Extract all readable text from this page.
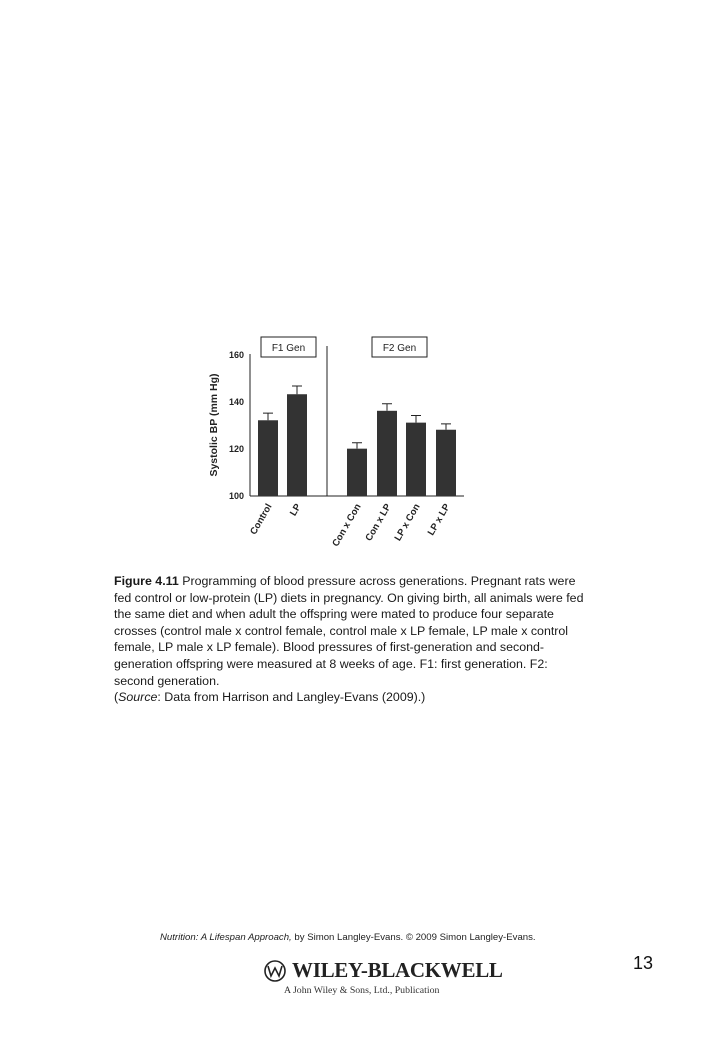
Systolic BP (mm Hg)
100
120
140
160
F1 Gen	F2 Gen
Control LP	Con x Con Con x LP
LP x Con LP x LP
Figure 4.11 Programming of blood pressure across generations. Pregnant rats were fed control or low-protein (LP) diets in pregnancy. On giving birth, all animals were fed the same diet and when adult the offspring were mated to produce four separate crosses (control male x control female, control male x LP female, LP male x control female, LP male x LP female). Blood pressures of first-generation and second-generation offspring were measured at 8 weeks of age. F1: first generation. F2: second generation.
(Source: Data from Harrison and Langley-Evans (2009).)
Nutrition: A Lifespan Approach, by Simon Langley-Evans. © 2009 Simon Langley-Evans.
WILEY-BLACKWELL
A John Wiley & Sons, Ltd., Publication
13
